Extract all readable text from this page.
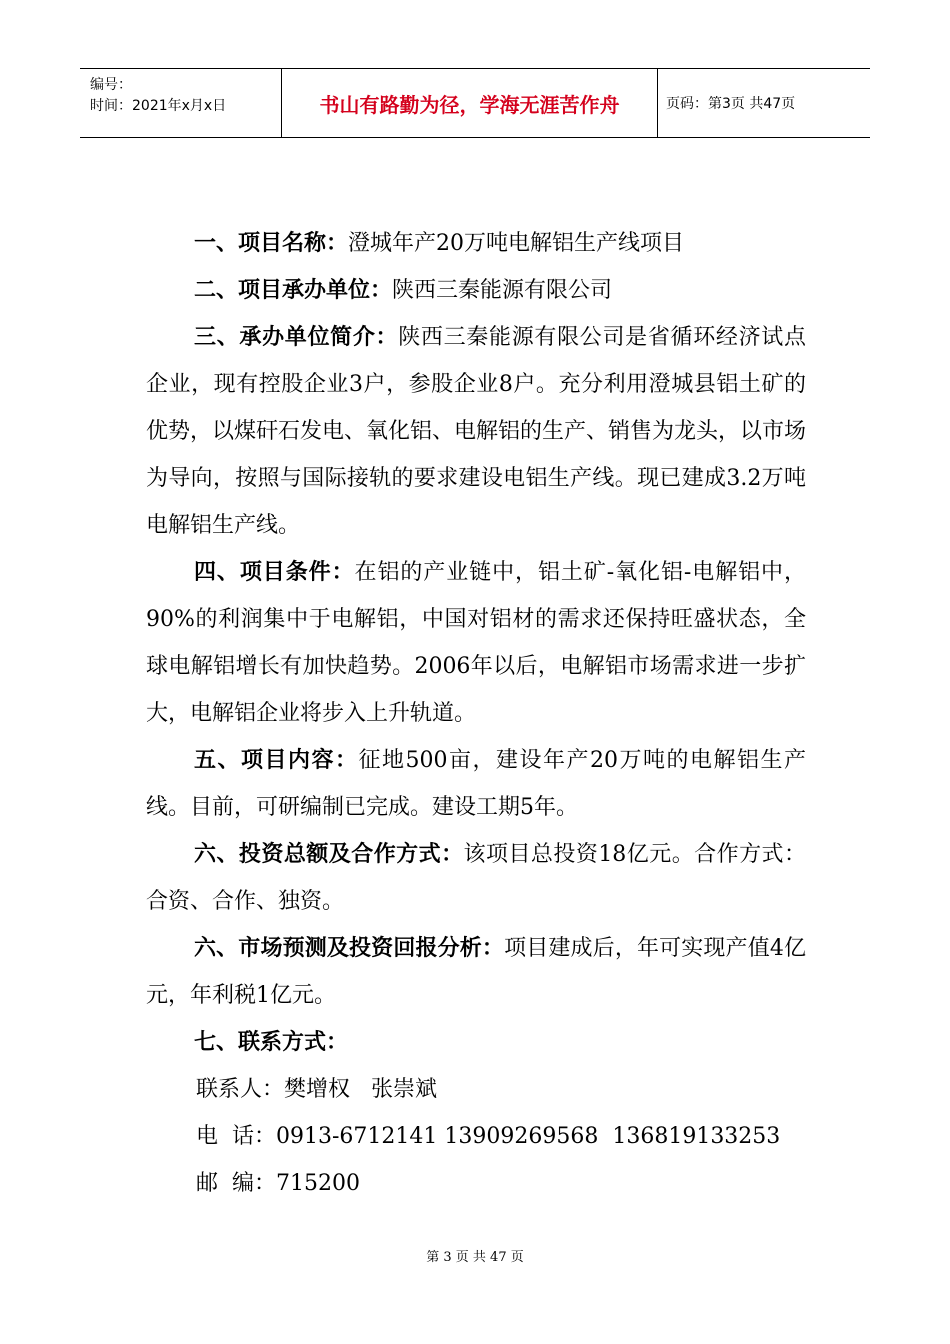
编号：
时间：2021年x月x日	书山有路勤为径，学海无涯苦作舟	页码：第3页 共47页

一、项目名称：澄城年产20万吨电解铝生产线项目

二、项目承办单位：陕西三秦能源有限公司

三、承办单位简介：陕西三秦能源有限公司是省循环经济试点企业，现有控股企业3户，参股企业8户。充分利用澄城县铝土矿的优势，以煤矸石发电、氧化铝、电解铝的生产、销售为龙头，以市场为导向，按照与国际接轨的要求建设电铝生产线。现已建成3.2万吨电解铝生产线。

四、项目条件：在铝的产业链中，铝土矿-氧化铝-电解铝中，90%的利润集中于电解铝，中国对铝材的需求还保持旺盛状态，全球电解铝增长有加快趋势。2006年以后，电解铝市场需求进一步扩大，电解铝企业将步入上升轨道。

五、项目内容：征地500亩，建设年产20万吨的电解铝生产线。目前，可研编制已完成。建设工期5年。

六、投资总额及合作方式：该项目总投资18亿元。合作方式：合资、合作、独资。

六、市场预测及投资回报分析：项目建成后，年可实现产值4亿元，年利税1亿元。

七、联系方式：

联系人：樊增权   张崇斌

电  话：0913-6712141 13909269568  136819133253

邮  编：715200

第 3 页 共 47 页
